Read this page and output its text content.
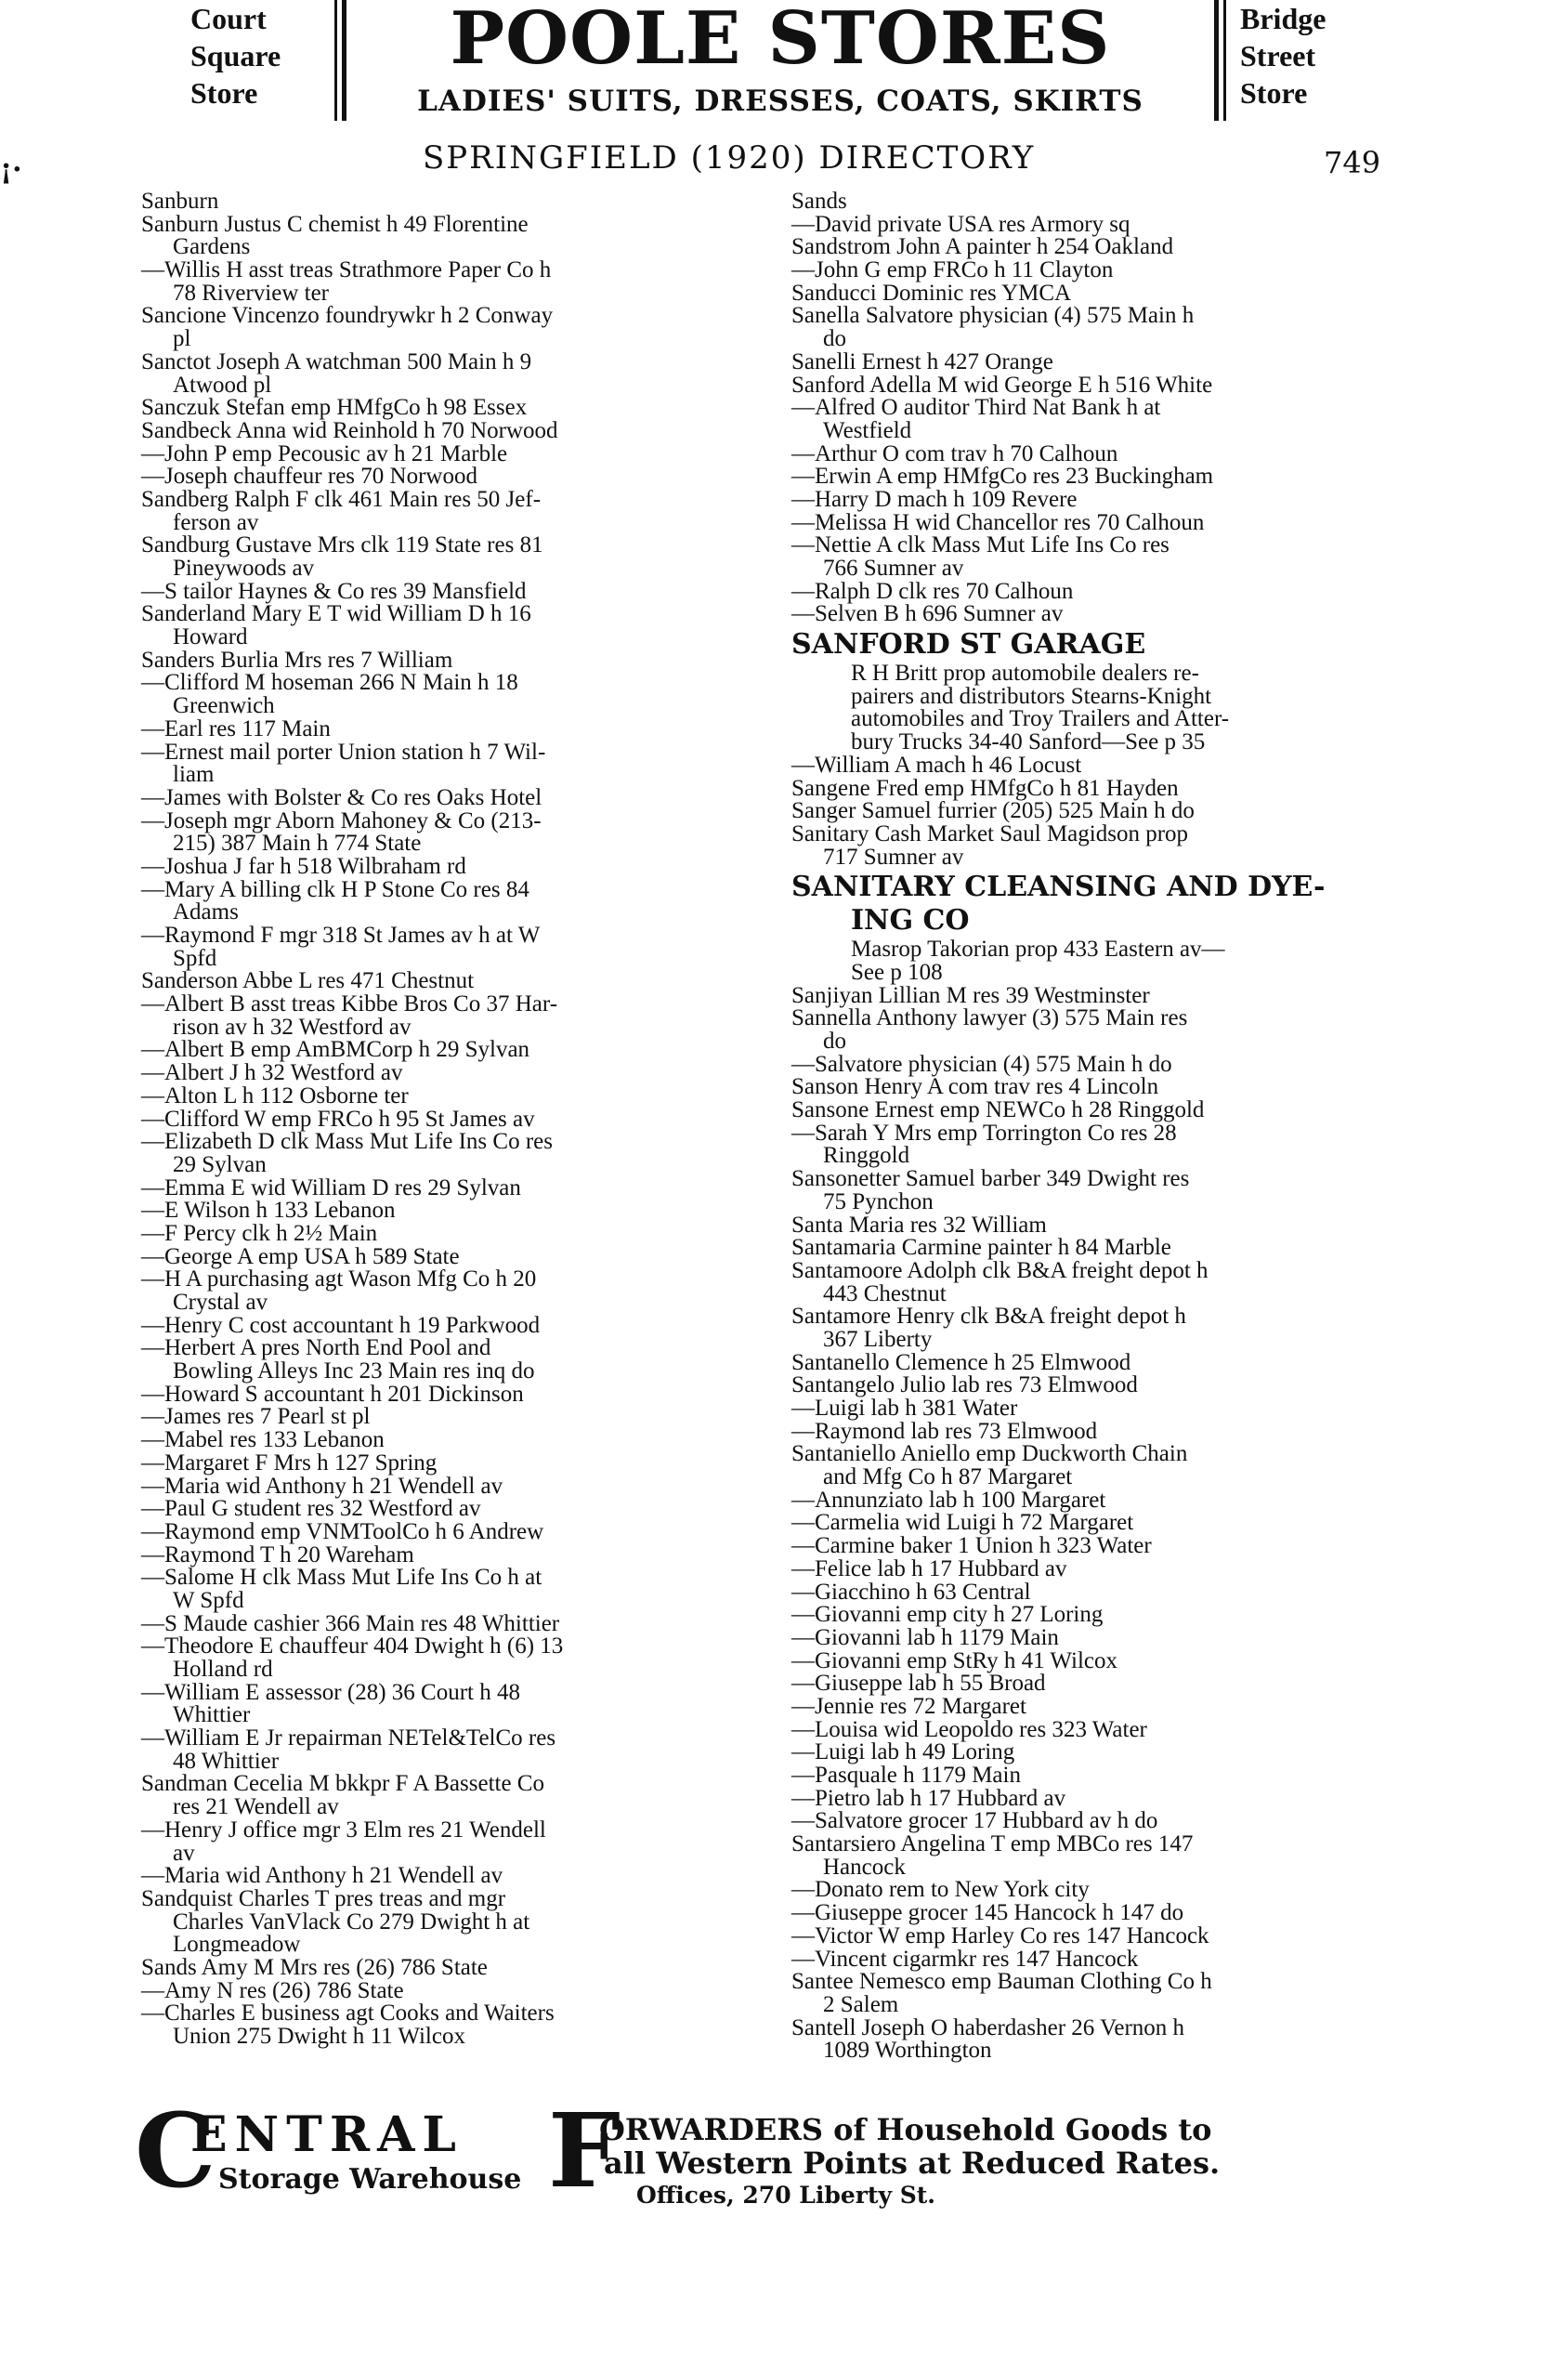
¡·
Court
Square
Store
POOLE STORES
LADIES' SUITS, DRESSES, COATS, SKIRTS
Bridge
Street
Store
SPRINGFIELD (1920) DIRECTORY	749
Sanburn
Sanburn Justus C chemist h 49 Florentine
Gardens
—Willis H asst treas Strathmore Paper Co h
78 Riverview ter
Sancione Vincenzo foundrywkr h 2 Conway
pl
Sanctot Joseph A watchman 500 Main h 9
Atwood pl
Sanczuk Stefan emp HMfgCo h 98 Essex
Sandbeck Anna wid Reinhold h 70 Norwood
—John P emp Pecousic av h 21 Marble
—Joseph chauffeur res 70 Norwood
Sandberg Ralph F clk 461 Main res 50 Jef-
ferson av
Sandburg Gustave Mrs clk 119 State res 81
Pineywoods av
—S tailor Haynes & Co res 39 Mansfield
Sanderland Mary E T wid William D h 16
Howard
Sanders Burlia Mrs res 7 William
—Clifford M hoseman 266 N Main h 18
Greenwich
—Earl res 117 Main
—Ernest mail porter Union station h 7 Wil-
liam
—James with Bolster & Co res Oaks Hotel
—Joseph mgr Aborn Mahoney & Co (213-
215) 387 Main h 774 State
—Joshua J far h 518 Wilbraham rd
—Mary A billing clk H P Stone Co res 84
Adams
—Raymond F mgr 318 St James av h at W
Spfd
Sanderson Abbe L res 471 Chestnut
—Albert B asst treas Kibbe Bros Co 37 Har-
rison av h 32 Westford av
—Albert B emp AmBMCorp h 29 Sylvan
—Albert J h 32 Westford av
—Alton L h 112 Osborne ter
—Clifford W emp FRCo h 95 St James av
—Elizabeth D clk Mass Mut Life Ins Co res
29 Sylvan
—Emma E wid William D res 29 Sylvan
—E Wilson h 133 Lebanon
—F Percy clk h 2½ Main
—George A emp USA h 589 State
—H A purchasing agt Wason Mfg Co h 20
Crystal av
—Henry C cost accountant h 19 Parkwood
—Herbert A pres North End Pool and
Bowling Alleys Inc 23 Main res inq do
—Howard S accountant h 201 Dickinson
—James res 7 Pearl st pl
—Mabel res 133 Lebanon
—Margaret F Mrs h 127 Spring
—Maria wid Anthony h 21 Wendell av
—Paul G student res 32 Westford av
—Raymond emp VNMToolCo h 6 Andrew
—Raymond T h 20 Wareham
—Salome H clk Mass Mut Life Ins Co h at
W Spfd
—S Maude cashier 366 Main res 48 Whittier
—Theodore E chauffeur 404 Dwight h (6) 13
Holland rd
—William E assessor (28) 36 Court h 48
Whittier
—William E Jr repairman NETel&TelCo res
48 Whittier
Sandman Cecelia M bkkpr F A Bassette Co
res 21 Wendell av
—Henry J office mgr 3 Elm res 21 Wendell
av
—Maria wid Anthony h 21 Wendell av
Sandquist Charles T pres treas and mgr
Charles VanVlack Co 279 Dwight h at
Longmeadow
Sands Amy M Mrs res (26) 786 State
—Amy N res (26) 786 State
—Charles E business agt Cooks and Waiters
Union 275 Dwight h 11 Wilcox
Sands
—David private USA res Armory sq
Sandstrom John A painter h 254 Oakland
—John G emp FRCo h 11 Clayton
Sanducci Dominic res YMCA
Sanella Salvatore physician (4) 575 Main h
do
Sanelli Ernest h 427 Orange
Sanford Adella M wid George E h 516 White
—Alfred O auditor Third Nat Bank h at
Westfield
—Arthur O com trav h 70 Calhoun
—Erwin A emp HMfgCo res 23 Buckingham
—Harry D mach h 109 Revere
—Melissa H wid Chancellor res 70 Calhoun
—Nettie A clk Mass Mut Life Ins Co res
766 Sumner av
—Ralph D clk res 70 Calhoun
—Selven B h 696 Sumner av
SANFORD ST GARAGE
R H Britt prop automobile dealers re-
pairers and distributors Stearns-Knight
automobiles and Troy Trailers and Atter-
bury Trucks 34-40 Sanford—See p 35
—William A mach h 46 Locust
Sangene Fred emp HMfgCo h 81 Hayden
Sanger Samuel furrier (205) 525 Main h do
Sanitary Cash Market Saul Magidson prop
717 Sumner av
SANITARY CLEANSING AND DYE-
ING CO
Masrop Takorian prop 433 Eastern av—
See p 108
Sanjiyan Lillian M res 39 Westminster
Sannella Anthony lawyer (3) 575 Main res
do
—Salvatore physician (4) 575 Main h do
Sanson Henry A com trav res 4 Lincoln
Sansone Ernest emp NEWCo h 28 Ringgold
—Sarah Y Mrs emp Torrington Co res 28
Ringgold
Sansonetter Samuel barber 349 Dwight res
75 Pynchon
Santa Maria res 32 William
Santamaria Carmine painter h 84 Marble
Santamoore Adolph clk B&A freight depot h
443 Chestnut
Santamore Henry clk B&A freight depot h
367 Liberty
Santanello Clemence h 25 Elmwood
Santangelo Julio lab res 73 Elmwood
—Luigi lab h 381 Water
—Raymond lab res 73 Elmwood
Santaniello Aniello emp Duckworth Chain
and Mfg Co h 87 Margaret
—Annunziato lab h 100 Margaret
—Carmelia wid Luigi h 72 Margaret
—Carmine baker 1 Union h 323 Water
—Felice lab h 17 Hubbard av
—Giacchino h 63 Central
—Giovanni emp city h 27 Loring
—Giovanni lab h 1179 Main
—Giovanni emp StRy h 41 Wilcox
—Giuseppe lab h 55 Broad
—Jennie res 72 Margaret
—Louisa wid Leopoldo res 323 Water
—Luigi lab h 49 Loring
—Pasquale h 1179 Main
—Pietro lab h 17 Hubbard av
—Salvatore grocer 17 Hubbard av h do
Santarsiero Angelina T emp MBCo res 147
Hancock
—Donato rem to New York city
—Giuseppe grocer 145 Hancock h 147 do
—Victor W emp Harley Co res 147 Hancock
—Vincent cigarmkr res 147 Hancock
Santee Nemesco emp Bauman Clothing Co h
2 Salem
Santell Joseph O haberdasher 26 Vernon h
1089 Worthington
C
ENTRAL
Storage Warehouse F
ORWARDERS of Household Goods to
all Western Points at Reduced Rates.
Offices, 270 Liberty St.
